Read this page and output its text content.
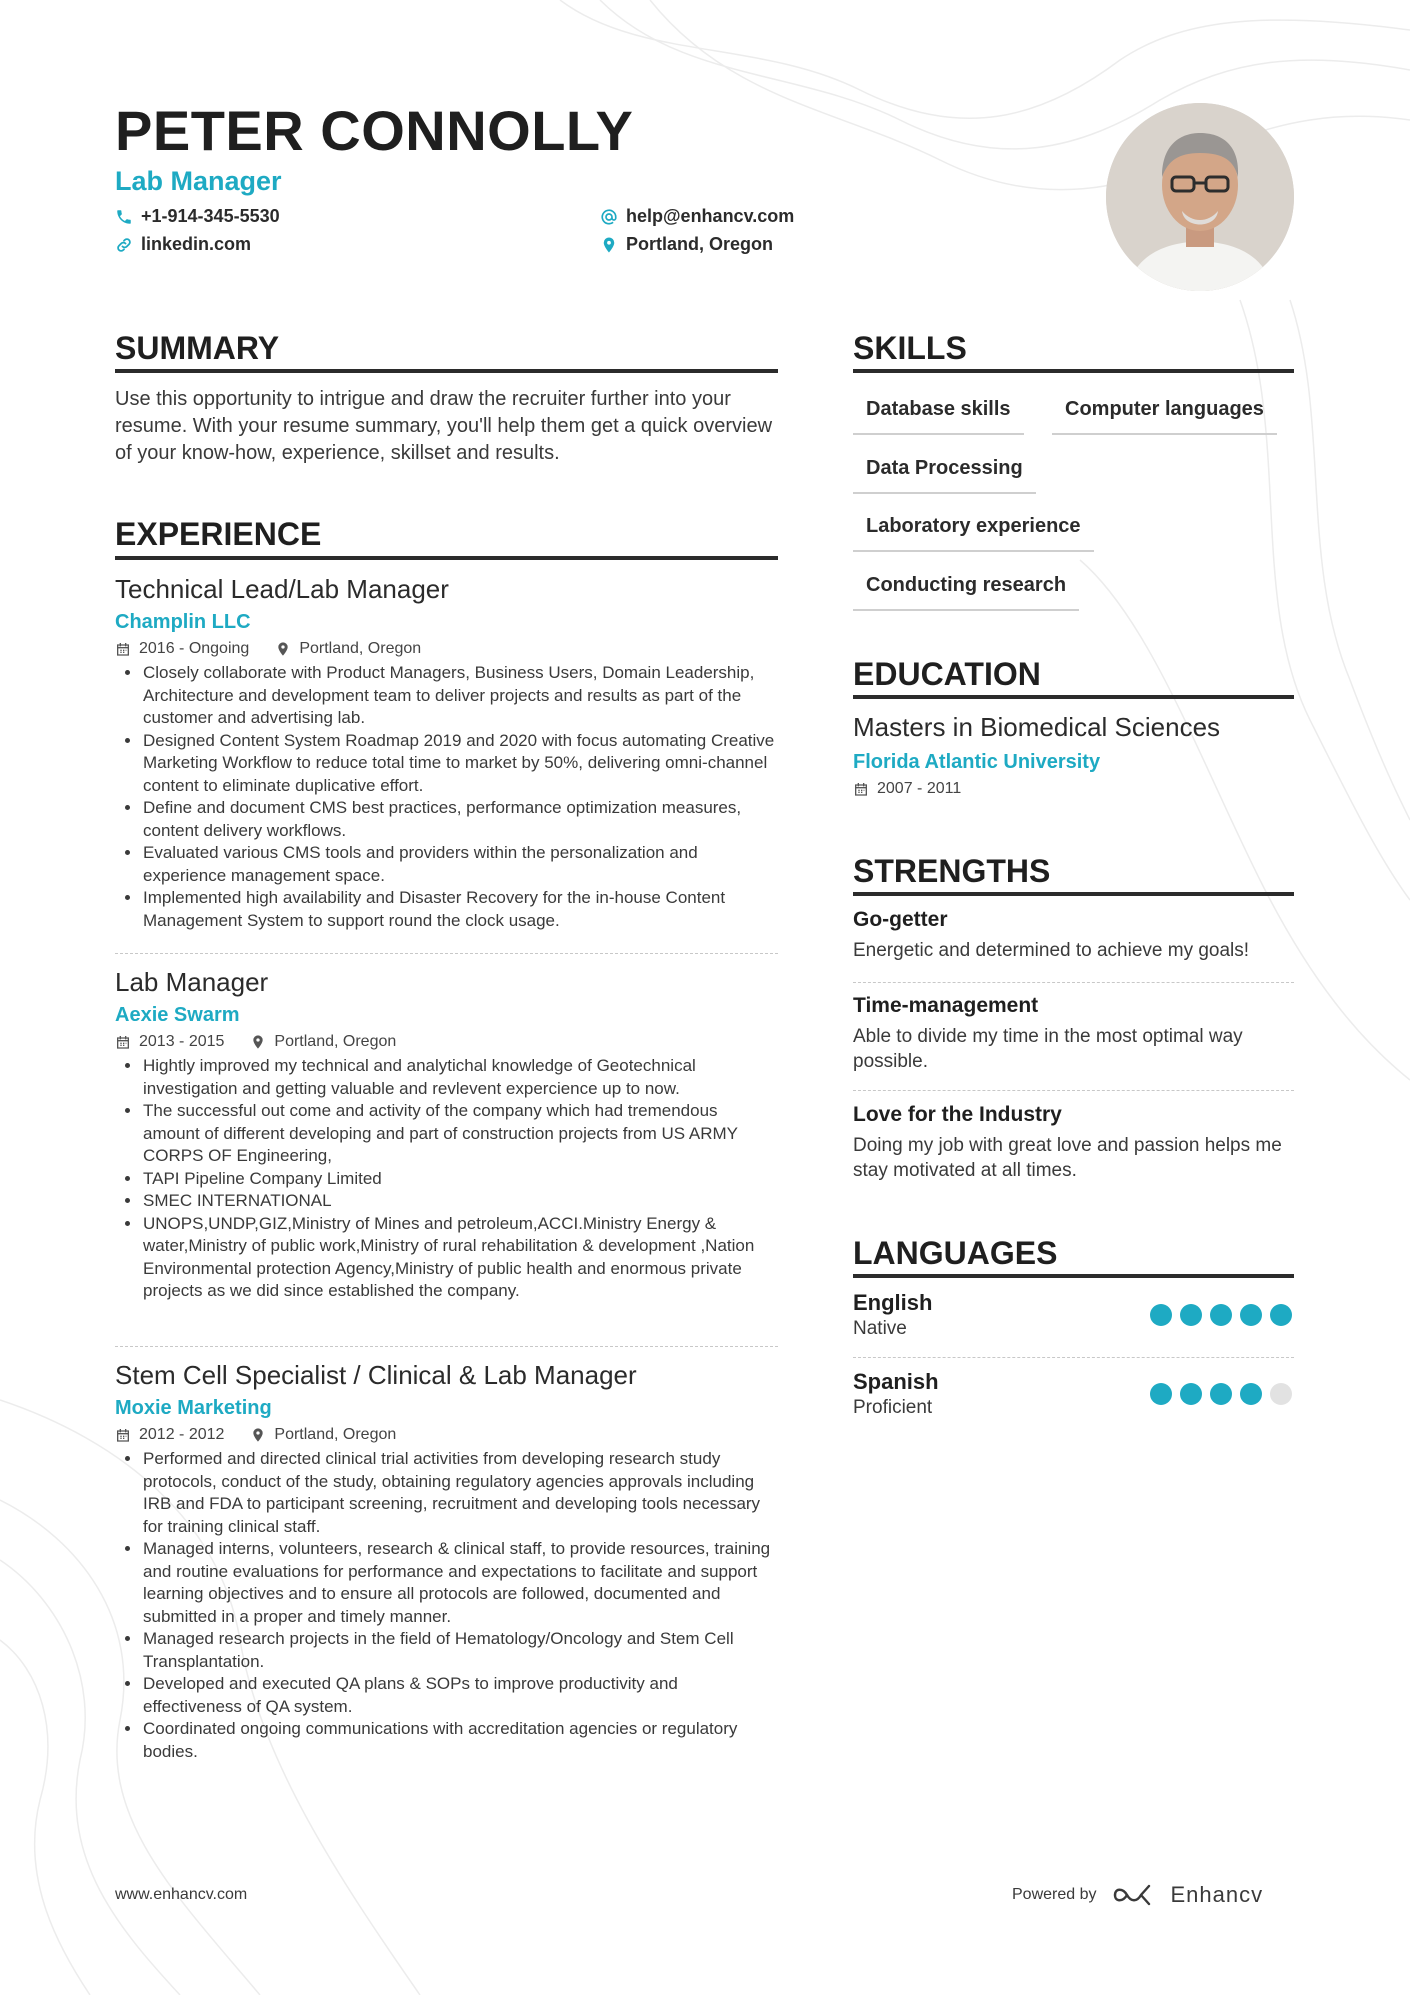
PETER CONNOLLY
Lab Manager
+1-914-345-5530
linkedin.com
help@enhancv.com
Portland, Oregon
SUMMARY
Use this opportunity to intrigue and draw the recruiter further into your resume. With your resume summary, you'll help them get a quick overview of your know-how, experience, skillset and results.
EXPERIENCE
Technical Lead/Lab Manager
Champlin LLC
2016 - Ongoing	Portland, Oregon
• Closely collaborate with Product Managers, Business Users, Domain Leadership, Architecture and development team to deliver projects and results as part of the customer and advertising lab.
• Designed Content System Roadmap 2019 and 2020 with focus automating Creative Marketing Workflow to reduce total time to market by 50%, delivering omni-channel content to eliminate duplicative effort.
• Define and document CMS best practices, performance optimization measures, content delivery workflows.
• Evaluated various CMS tools and providers within the personalization and experience management space.
• Implemented high availability and Disaster Recovery for the in-house Content Management System to support round the clock usage.
Lab Manager
Aexie Swarm
2013 - 2015	Portland, Oregon
• Hightly improved my technical and analytichal knowledge of Geotechnical investigation and getting valuable and revlevent expercience up to now.
• The successful out come and activity of the company which had tremendous amount of different developing and part of construction projects from US ARMY CORPS OF Engineering,
• TAPI Pipeline Company Limited
• SMEC INTERNATIONAL
• UNOPS,UNDP,GIZ,Ministry of Mines and petroleum,ACCI.Ministry Energy & water,Ministry of public work,Ministry of rural rehabilitation & development ,Nation Environmental protection Agency,Ministry of public health and enormous private projects as we did since established the company.
Stem Cell Specialist / Clinical & Lab Manager
Moxie Marketing
2012 - 2012	Portland, Oregon
• Performed and directed clinical trial activities from developing research study protocols, conduct of the study, obtaining regulatory agencies approvals including IRB and FDA to participant screening, recruitment and developing tools necessary for training clinical staff.
• Managed interns, volunteers, research & clinical staff, to provide resources, training and routine evaluations for performance and expectations to facilitate and support learning objectives and to ensure all protocols are followed, documented and submitted in a proper and timely manner.
• Managed research projects in the field of Hematology/Oncology and Stem Cell Transplantation.
• Developed and executed QA plans & SOPs to improve productivity and effectiveness of QA system.
• Coordinated ongoing communications with accreditation agencies or regulatory bodies.
SKILLS
Database skills	Computer languages
Data Processing
Laboratory experience
Conducting research
EDUCATION
Masters in Biomedical Sciences
Florida Atlantic University
2007 - 2011
STRENGTHS
Go-getter
Energetic and determined to achieve my goals!
Time-management
Able to divide my time in the most optimal way possible.
Love for the Industry
Doing my job with great love and passion helps me stay motivated at all times.
LANGUAGES
English
Native
Spanish
Proficient
www.enhancv.com	Powered by	Enhancv
